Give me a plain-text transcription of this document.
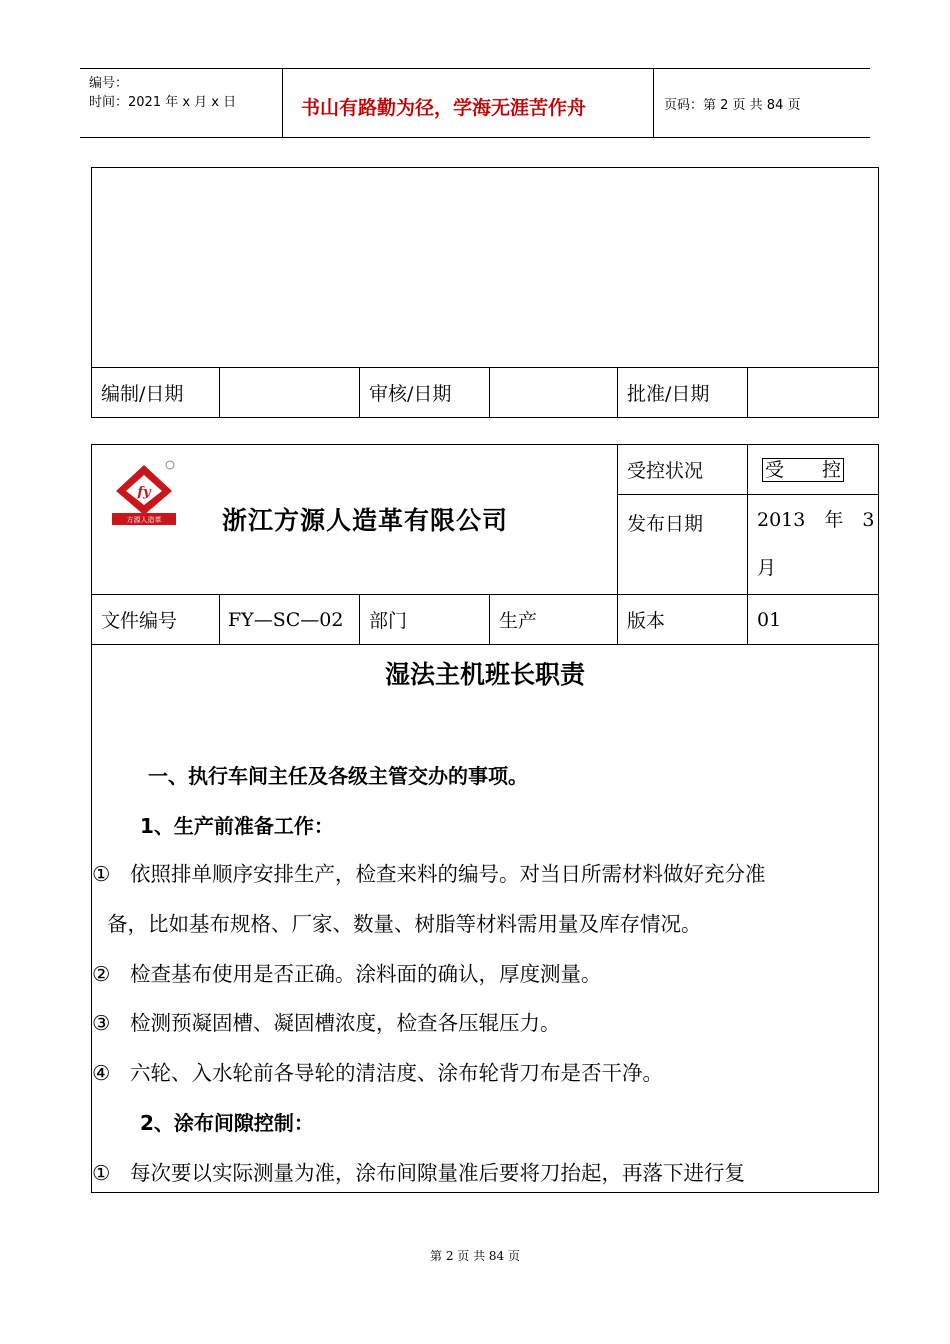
编号：
时间：2021 年 x 月 x 日	书山有路勤为径，学海无涯苦作舟	页码：第 2 页 共 84 页

编制/日期		审核/日期		批准/日期	
fy
方源人造革 浙江方源人造革有限公司				受控状况	受　　控
				发布日期	2013　年　3
月

文件编号	FY—SC—02	部门	生产	版本	01
湿法主机班长职责
一、执行车间主任及各级主管交办的事项。
1、生产前准备工作：
① 依照排单顺序安排生产，检查来料的编号。对当日所需材料做好充分准
备，比如基布规格、厂家、数量、树脂等材料需用量及库存情况。
② 检查基布使用是否正确。涂料面的确认，厚度测量。
③ 检测预凝固槽、凝固槽浓度，检查各压辊压力。
④ 六轮、入水轮前各导轮的清洁度、涂布轮背刀布是否干净。
2、涂布间隙控制：
① 每次要以实际测量为准，涂布间隙量准后要将刀抬起，再落下进行复
第 2 页 共 84 页
